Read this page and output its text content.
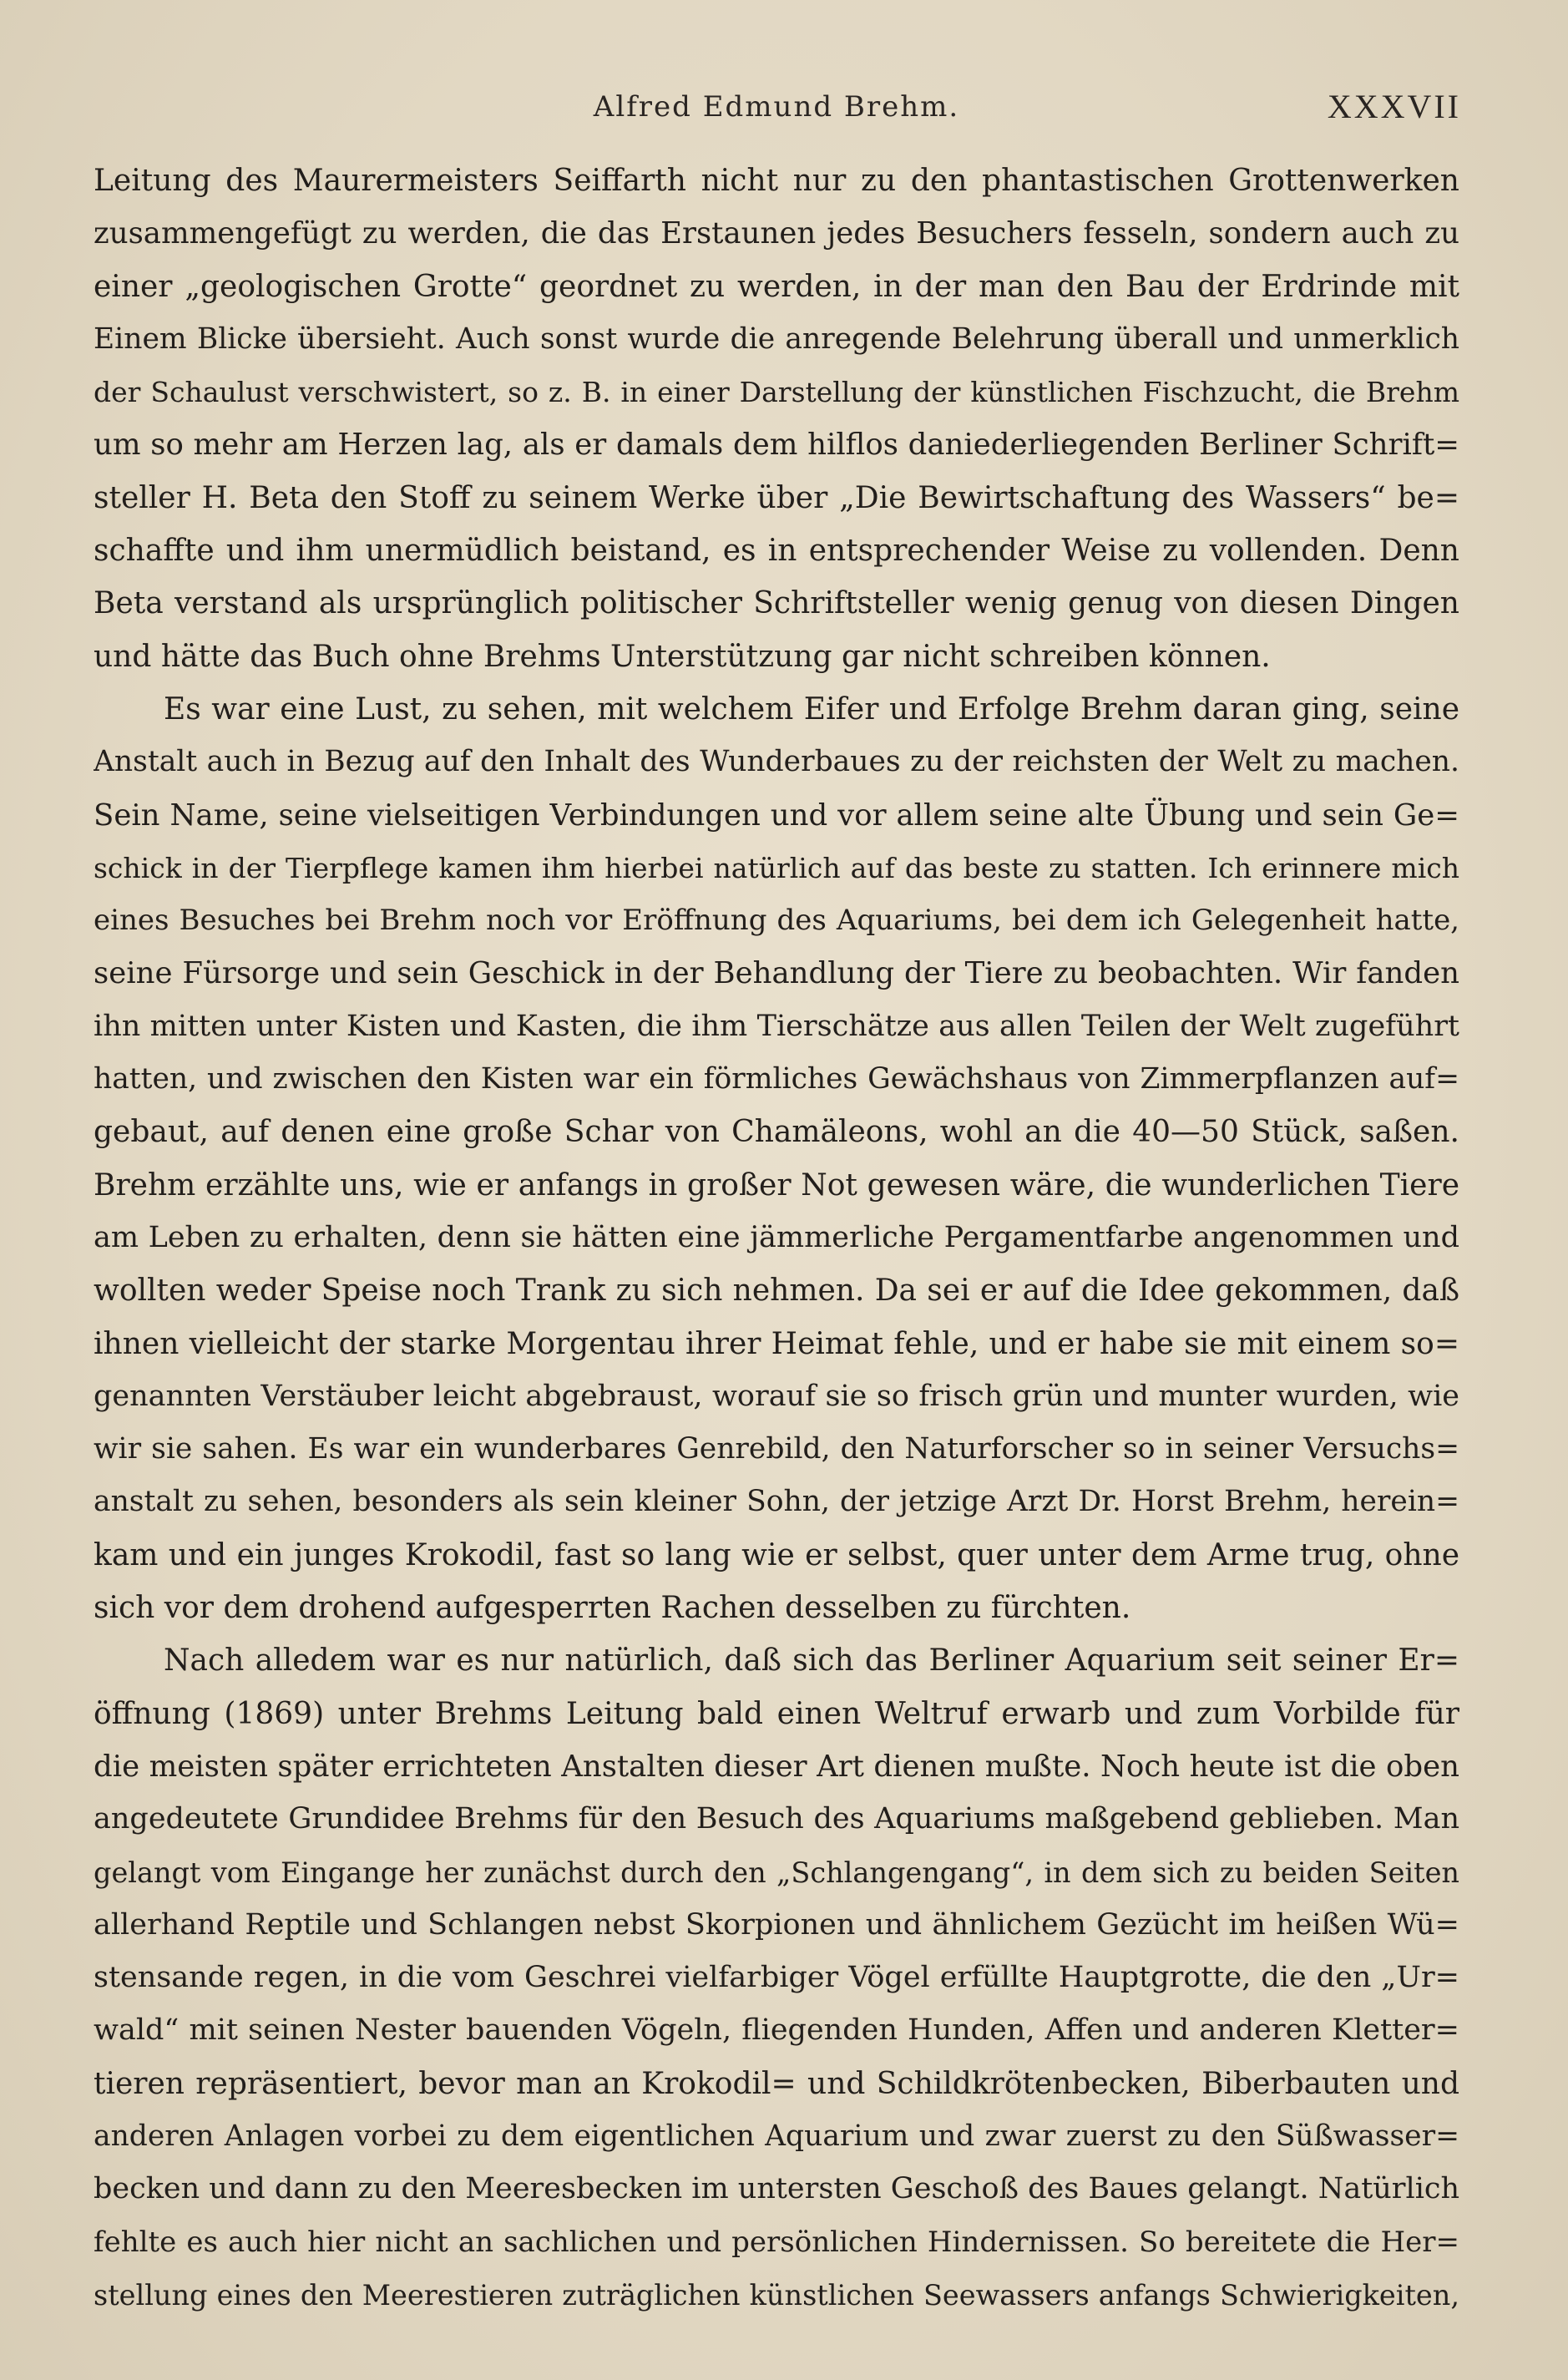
Alfred Edmund Brehm.	XXXVII
Leitung des Maurermeisters Seiffarth nicht nur zu den phantastischen Grottenwerken
zusammengefügt zu werden, die das Erstaunen jedes Besuchers fesseln, sondern auch zu
einer „geologischen Grotte“ geordnet zu werden, in der man den Bau der Erdrinde mit
Einem Blicke übersieht. Auch sonst wurde die anregende Belehrung überall und unmerklich
der Schaulust verschwistert, so z. B. in einer Darstellung der künstlichen Fischzucht, die Brehm
um so mehr am Herzen lag, als er damals dem hilflos daniederliegenden Berliner Schrift=
steller H. Beta den Stoff zu seinem Werke über „Die Bewirtschaftung des Wassers“ be=
schaffte und ihm unermüdlich beistand, es in entsprechender Weise zu vollenden. Denn
Beta verstand als ursprünglich politischer Schriftsteller wenig genug von diesen Dingen
und hätte das Buch ohne Brehms Unterstützung gar nicht schreiben können.
Es war eine Lust, zu sehen, mit welchem Eifer und Erfolge Brehm daran ging, seine
Anstalt auch in Bezug auf den Inhalt des Wunderbaues zu der reichsten der Welt zu machen.
Sein Name, seine vielseitigen Verbindungen und vor allem seine alte Übung und sein Ge=
schick in der Tierpflege kamen ihm hierbei natürlich auf das beste zu statten. Ich erinnere mich
eines Besuches bei Brehm noch vor Eröffnung des Aquariums, bei dem ich Gelegenheit hatte,
seine Fürsorge und sein Geschick in der Behandlung der Tiere zu beobachten. Wir fanden
ihn mitten unter Kisten und Kasten, die ihm Tierschätze aus allen Teilen der Welt zugeführt
hatten, und zwischen den Kisten war ein förmliches Gewächshaus von Zimmerpflanzen auf=
gebaut, auf denen eine große Schar von Chamäleons, wohl an die 40—50 Stück, saßen.
Brehm erzählte uns, wie er anfangs in großer Not gewesen wäre, die wunderlichen Tiere
am Leben zu erhalten, denn sie hätten eine jämmerliche Pergamentfarbe angenommen und
wollten weder Speise noch Trank zu sich nehmen. Da sei er auf die Idee gekommen, daß
ihnen vielleicht der starke Morgentau ihrer Heimat fehle, und er habe sie mit einem so=
genannten Verstäuber leicht abgebraust, worauf sie so frisch grün und munter wurden, wie
wir sie sahen. Es war ein wunderbares Genrebild, den Naturforscher so in seiner Versuchs=
anstalt zu sehen, besonders als sein kleiner Sohn, der jetzige Arzt Dr. Horst Brehm, herein=
kam und ein junges Krokodil, fast so lang wie er selbst, quer unter dem Arme trug, ohne
sich vor dem drohend aufgesperrten Rachen desselben zu fürchten.
Nach alledem war es nur natürlich, daß sich das Berliner Aquarium seit seiner Er=
öffnung (1869) unter Brehms Leitung bald einen Weltruf erwarb und zum Vorbilde für
die meisten später errichteten Anstalten dieser Art dienen mußte. Noch heute ist die oben
angedeutete Grundidee Brehms für den Besuch des Aquariums maßgebend geblieben. Man
gelangt vom Eingange her zunächst durch den „Schlangengang“, in dem sich zu beiden Seiten
allerhand Reptile und Schlangen nebst Skorpionen und ähnlichem Gezücht im heißen Wü=
stensande regen, in die vom Geschrei vielfarbiger Vögel erfüllte Hauptgrotte, die den „Ur=
wald“ mit seinen Nester bauenden Vögeln, fliegenden Hunden, Affen und anderen Kletter=
tieren repräsentiert, bevor man an Krokodil= und Schildkrötenbecken, Biberbauten und
anderen Anlagen vorbei zu dem eigentlichen Aquarium und zwar zuerst zu den Süßwasser=
becken und dann zu den Meeresbecken im untersten Geschoß des Baues gelangt. Natürlich
fehlte es auch hier nicht an sachlichen und persönlichen Hindernissen. So bereitete die Her=
stellung eines den Meerestieren zuträglichen künstlichen Seewassers anfangs Schwierigkeiten,
